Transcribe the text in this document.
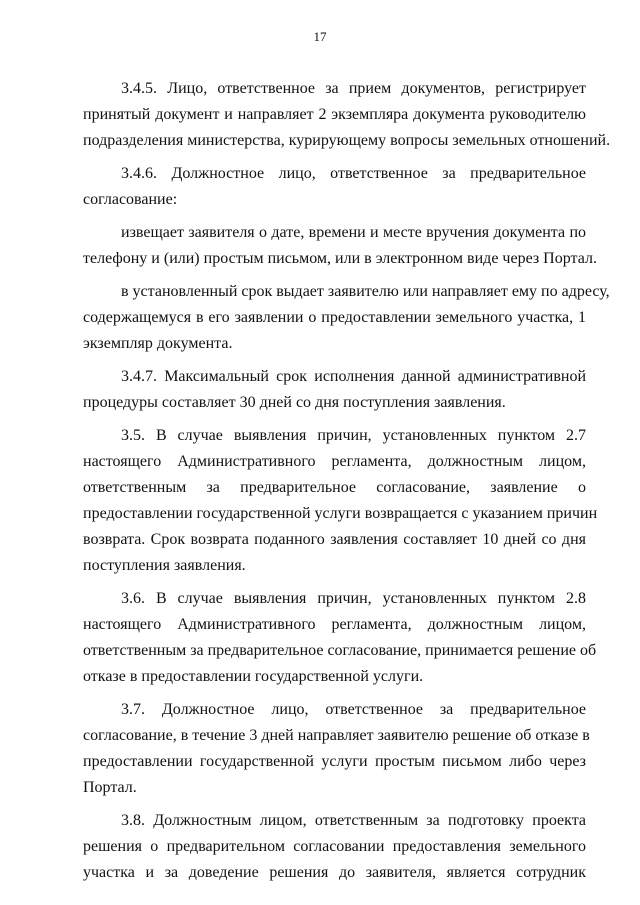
17

3.4.5. Лицо, ответственное за прием документов, регистрирует
принятый документ и направляет 2 экземпляра документа руководителю
подразделения министерства, курирующему вопросы земельных отношений.

3.4.6. Должностное лицо, ответственное за предварительное
согласование:

извещает заявителя о дате, времени и месте вручения документа по
телефону и (или) простым письмом, или в электронном виде через Портал.

в установленный срок выдает заявителю или направляет ему по адресу,
содержащемуся в его заявлении о предоставлении земельного участка, 1
экземпляр документа.

3.4.7. Максимальный срок исполнения данной административной
процедуры составляет 30 дней со дня поступления заявления.

3.5. В случае выявления причин, установленных пунктом 2.7
настоящего Административного регламента, должностным лицом,
ответственным за предварительное согласование, заявление о
предоставлении государственной услуги возвращается с указанием причин
возврата. Срок возврата поданного заявления составляет 10 дней со дня
поступления заявления.

3.6. В случае выявления причин, установленных пунктом 2.8
настоящего Административного регламента, должностным лицом,
ответственным за предварительное согласование, принимается решение об
отказе в предоставлении государственной услуги.

3.7. Должностное лицо, ответственное за предварительное
согласование, в течение 3 дней направляет заявителю решение об отказе в
предоставлении государственной услуги простым письмом либо через
Портал.

3.8. Должностным лицом, ответственным за подготовку проекта
решения о предварительном согласовании предоставления земельного
участка и за доведение решения до заявителя, является сотрудник
